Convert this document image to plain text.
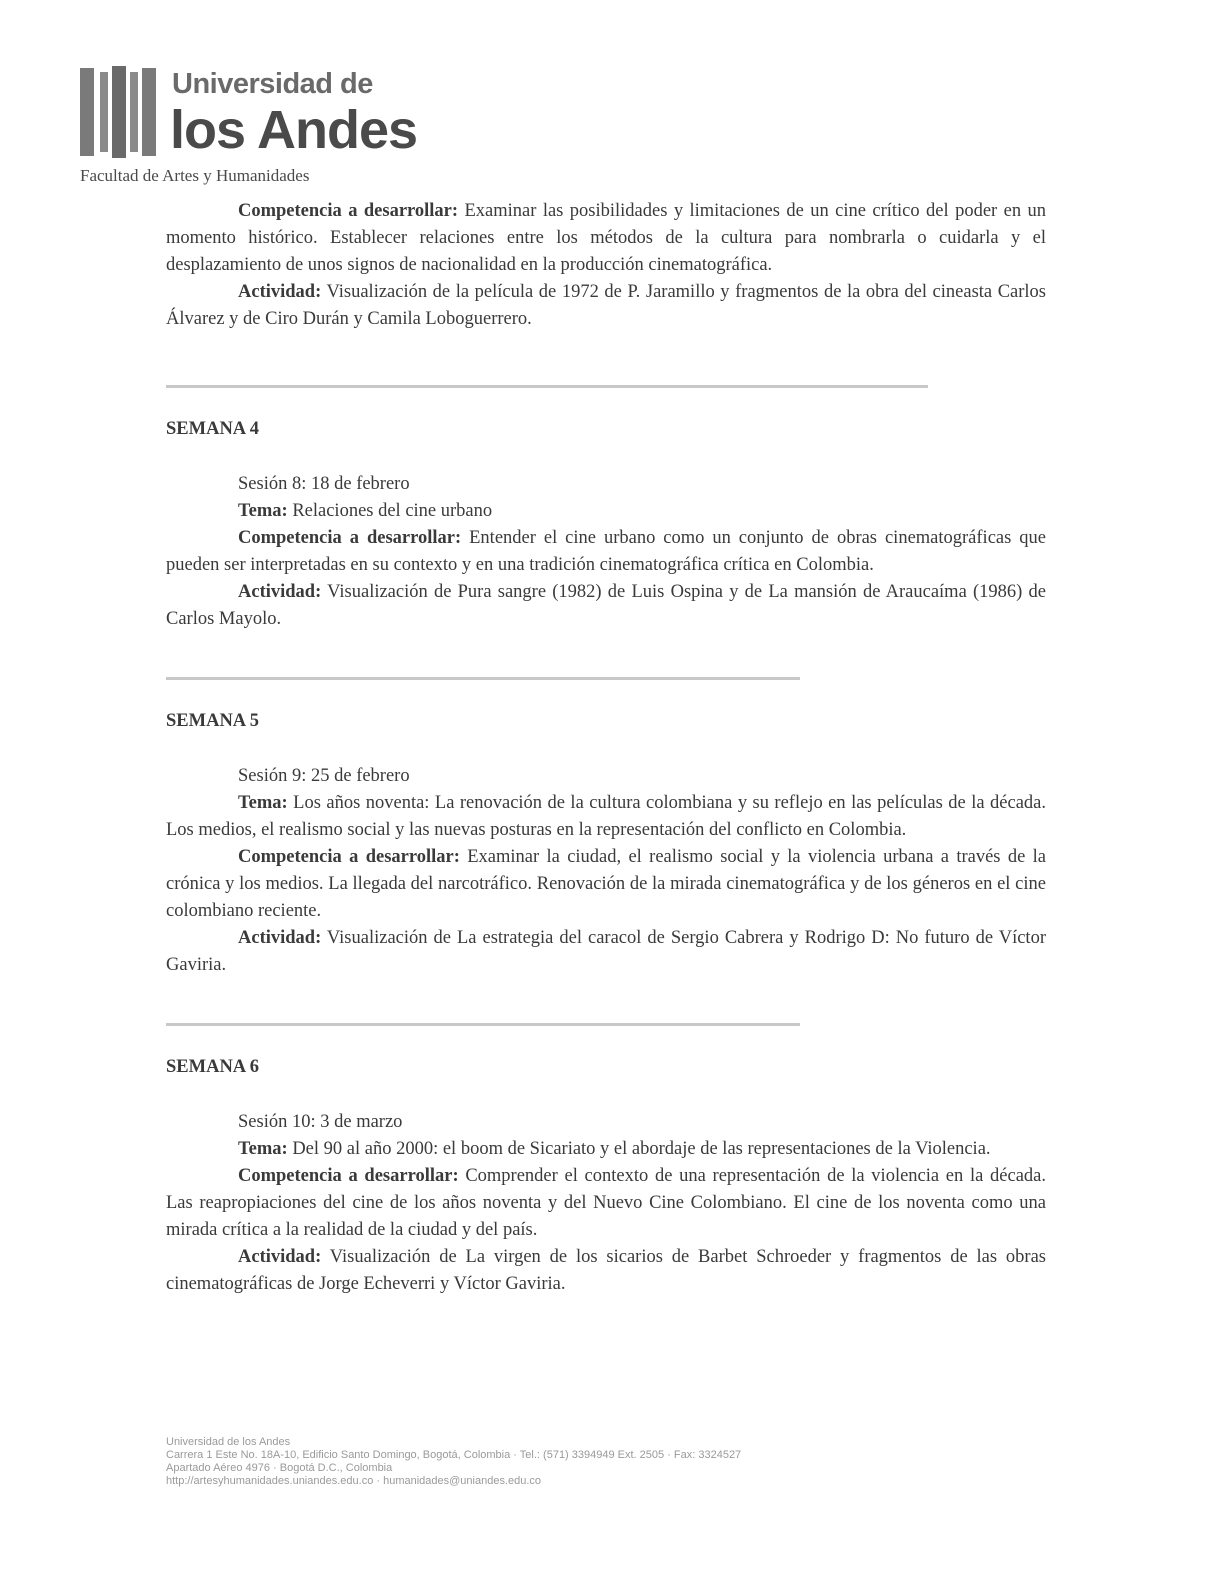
Universidad de
los Andes
Facultad de Artes y Humanidades

Competencia a desarrollar: Examinar las posibilidades y limitaciones de un cine crítico del poder en un momento histórico. Establecer relaciones entre los métodos de la cultura para nombrarla o cuidarla y el desplazamiento de unos signos de nacionalidad en la producción cinematográfica.

Actividad: Visualización de la película de 1972 de P. Jaramillo y fragmentos de la obra del cineasta Carlos Álvarez y de Ciro Durán y Camila Loboguerrero.

SEMANA 4

Sesión 8: 18 de febrero

Tema: Relaciones del cine urbano

Competencia a desarrollar: Entender el cine urbano como un conjunto de obras cinematográficas que pueden ser interpretadas en su contexto y en una tradición cinematográfica crítica en Colombia.

Actividad: Visualización de Pura sangre (1982) de Luis Ospina y de La mansión de Araucaíma (1986) de Carlos Mayolo.

SEMANA 5

Sesión 9: 25 de febrero

Tema: Los años noventa: La renovación de la cultura colombiana y su reflejo en las películas de la década. Los medios, el realismo social y las nuevas posturas en la representación del conflicto en Colombia.

Competencia a desarrollar: Examinar la ciudad, el realismo social y la violencia urbana a través de la crónica y los medios. La llegada del narcotráfico. Renovación de la mirada cinematográfica y de los géneros en el cine colombiano reciente.

Actividad: Visualización de La estrategia del caracol de Sergio Cabrera y Rodrigo D: No futuro de Víctor Gaviria.

SEMANA 6

Sesión 10: 3 de marzo

Tema: Del 90 al año 2000: el boom de Sicariato y el abordaje de las representaciones de la Violencia.

Competencia a desarrollar: Comprender el contexto de una representación de la violencia en la década. Las reapropiaciones del cine de los años noventa y del Nuevo Cine Colombiano. El cine de los noventa como una mirada crítica a la realidad de la ciudad y del país.

Actividad: Visualización de La virgen de los sicarios de Barbet Schroeder y fragmentos de las obras cinematográficas de Jorge Echeverri y Víctor Gaviria.

Universidad de los Andes
Carrera 1 Este No. 18A-10, Edificio Santo Domingo, Bogotá, Colombia · Tel.: (571) 3394949 Ext. 2505 · Fax: 3324527
Apartado Aéreo 4976 · Bogotá D.C., Colombia
http://artesyhumanidades.uniandes.edu.co · humanidades@uniandes.edu.co
